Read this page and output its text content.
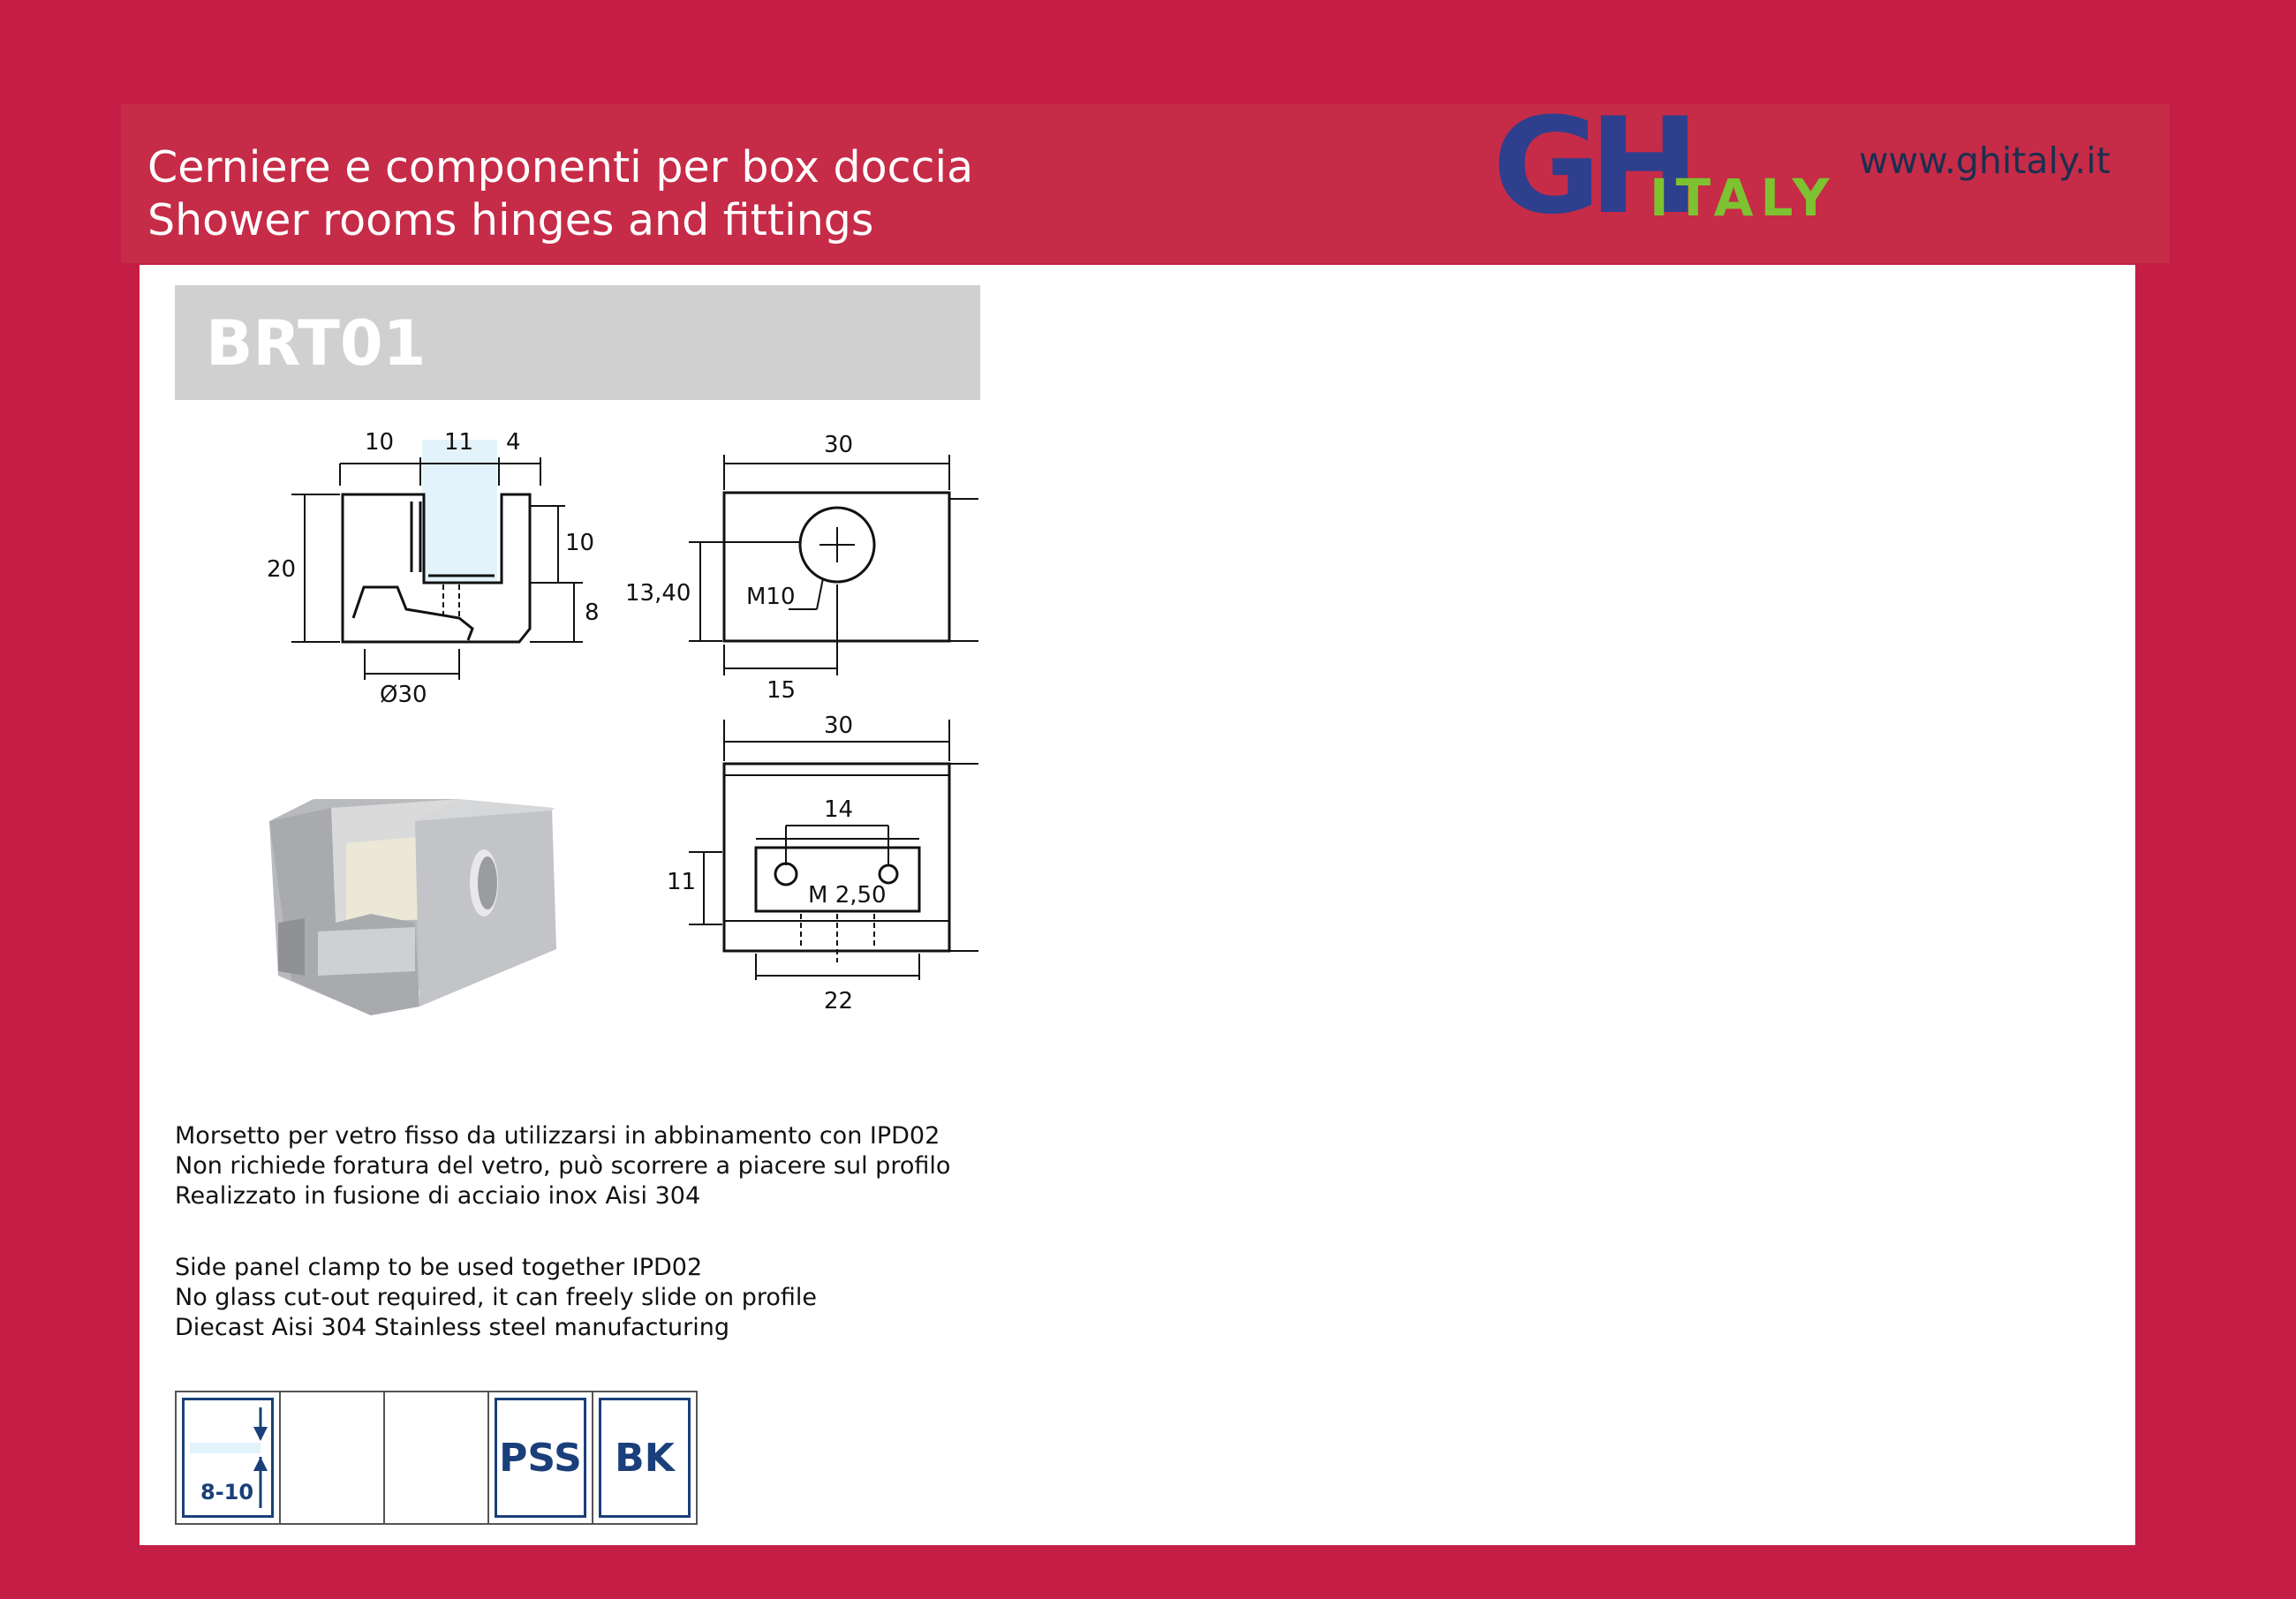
Cerniere e componenti per box doccia
Shower rooms hinges and fittings	GH
ITALY
www.ghitaly.it
BRT01
10 11 4
20
10
8
Ø30
30
13,40
15
M10
30
14
11	M 2,50
22
Morsetto per vetro fisso da utilizzarsi in abbinamento con IPD02
Non richiede foratura del vetro, può scorrere a piacere sul profilo
Realizzato in fusione di acciaio inox Aisi 304
Side panel clamp to be used together IPD02
No glass cut-out required, it can freely slide on profile
Diecast Aisi 304 Stainless steel manufacturing
8-10
PSS BK
